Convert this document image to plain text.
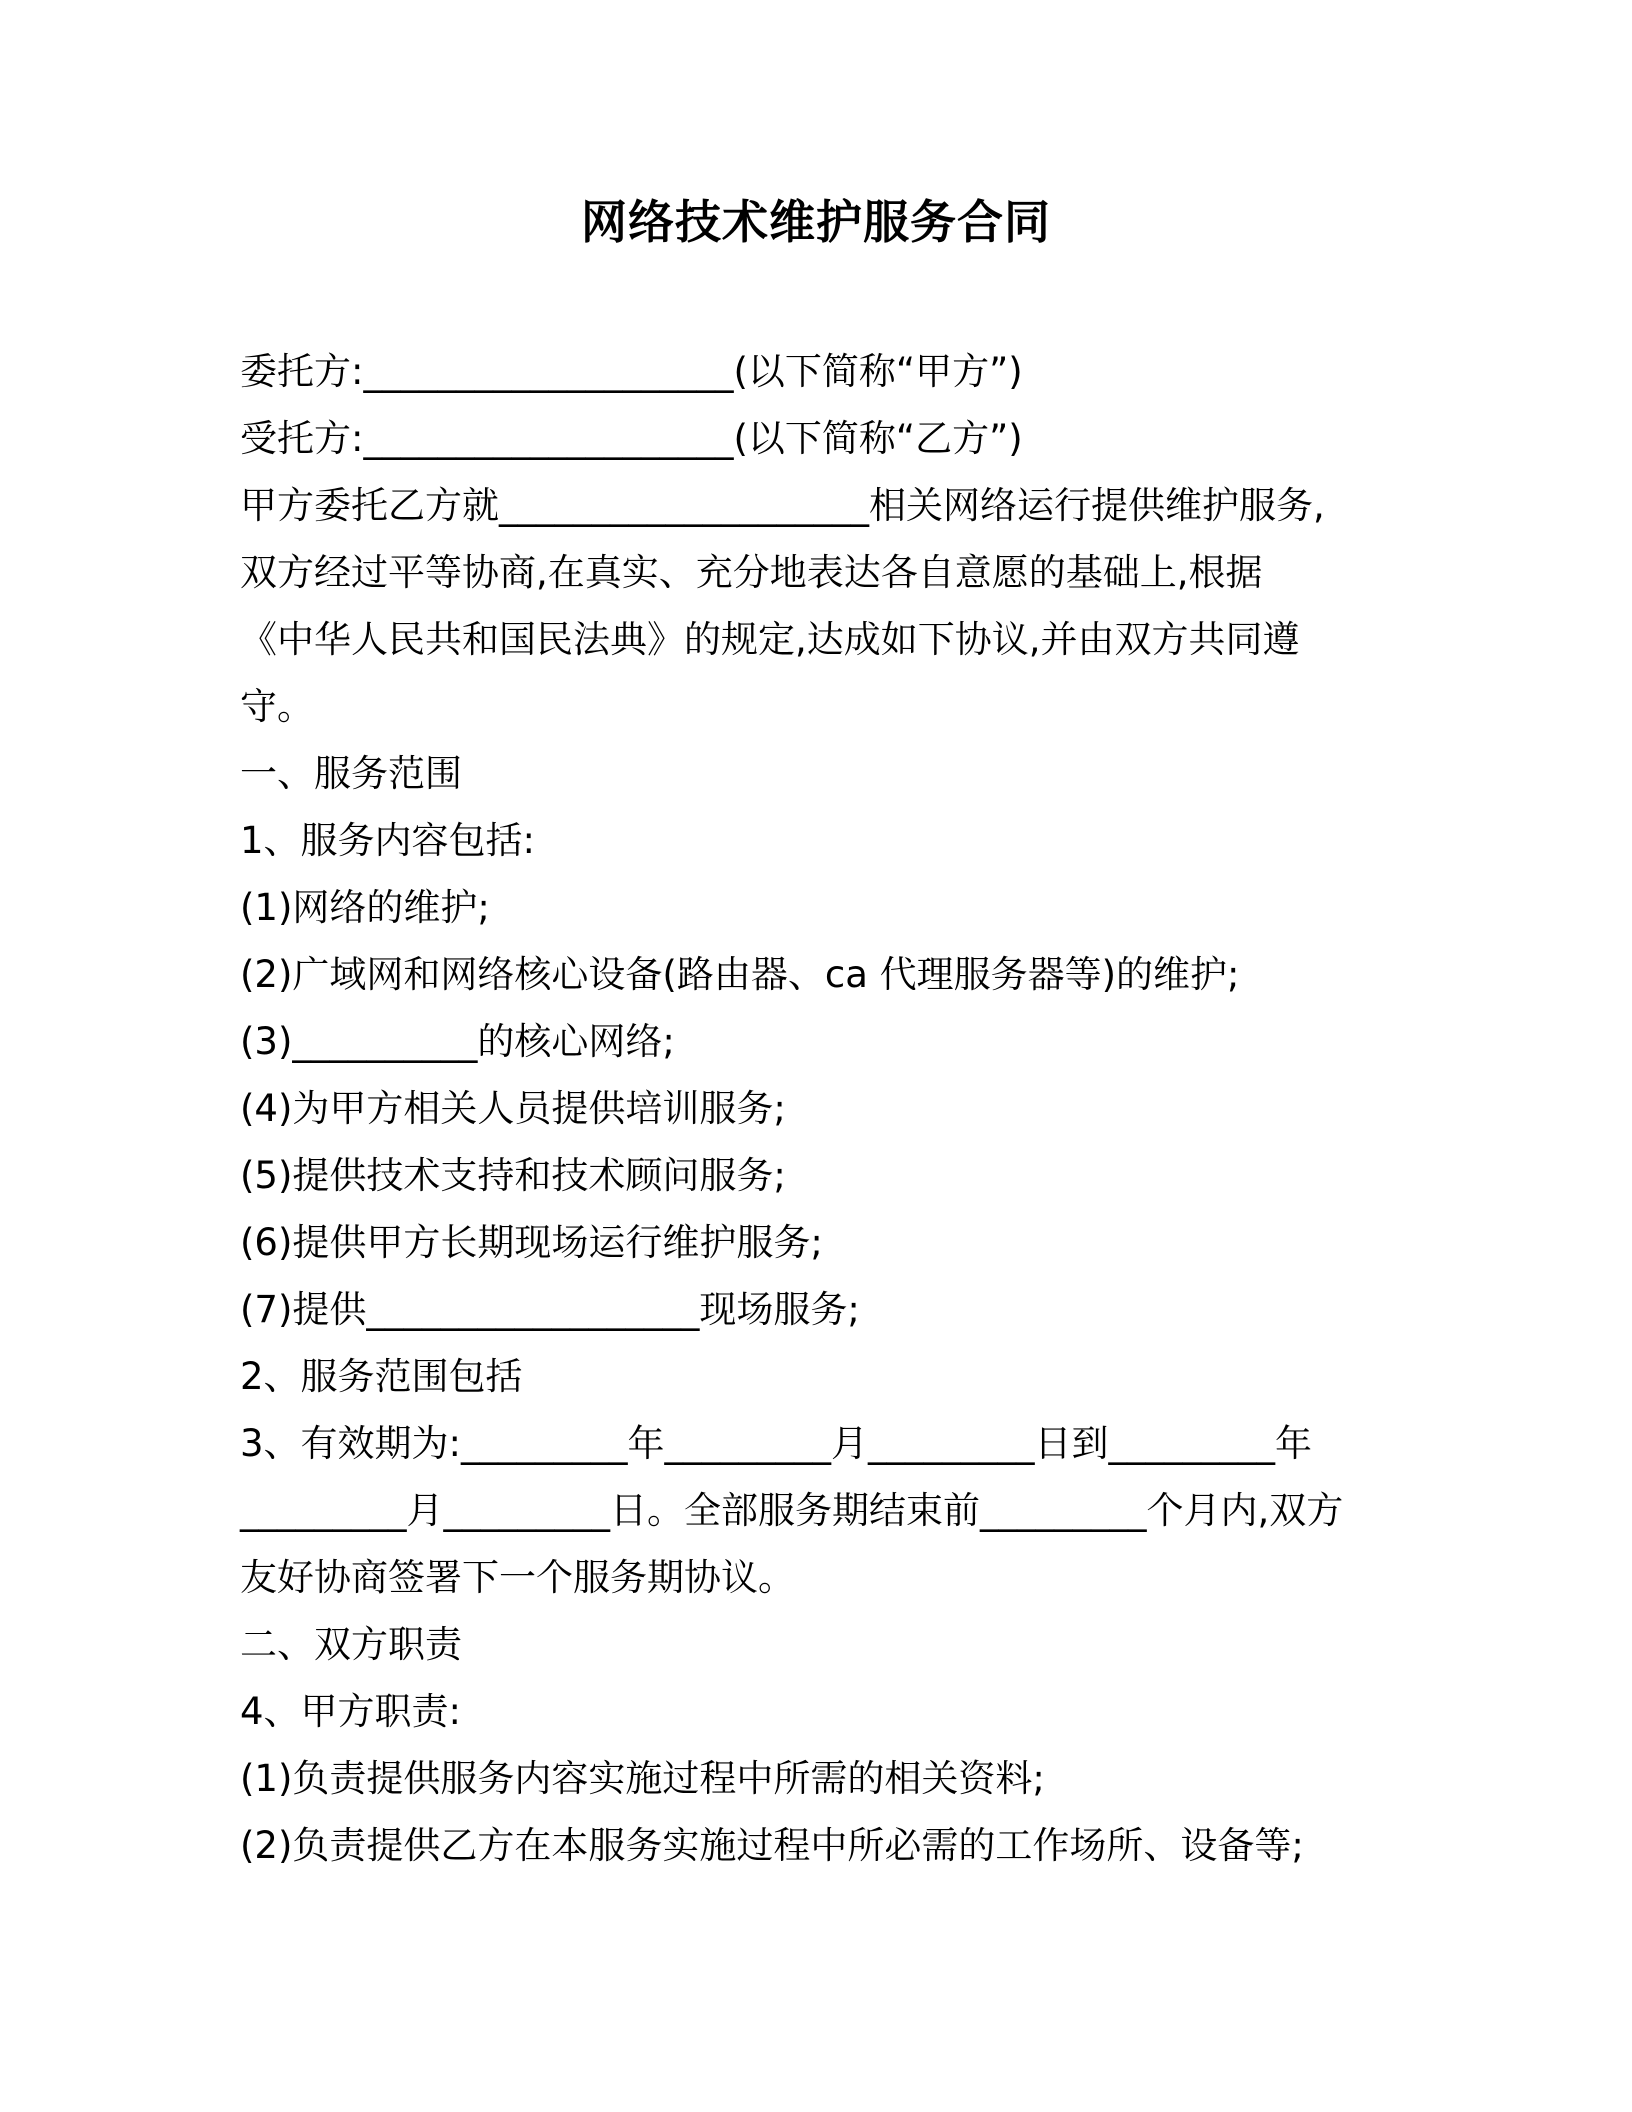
网络技术维护服务合同
委托方:____________________(以下简称“甲方”)
受托方:____________________(以下简称“乙方”)
甲方委托乙方就____________________相关网络运行提供维护服务,
双方经过平等协商,在真实、充分地表达各自意愿的基础上,根据
《中华人民共和国民法典》的规定,达成如下协议,并由双方共同遵
守。
一、服务范围
1、服务内容包括:
(1)网络的维护;
(2)广域网和网络核心设备(路由器、ca 代理服务器等)的维护;
(3)__________的核心网络;
(4)为甲方相关人员提供培训服务;
(5)提供技术支持和技术顾问服务;
(6)提供甲方长期现场运行维护服务;
(7)提供__________________现场服务;
2、服务范围包括
3、有效期为:_________年_________月_________日到_________年
_________月_________日。全部服务期结束前_________个月内,双方
友好协商签署下一个服务期协议。
二、双方职责
4、甲方职责:
(1)负责提供服务内容实施过程中所需的相关资料;
(2)负责提供乙方在本服务实施过程中所必需的工作场所、设备等;
